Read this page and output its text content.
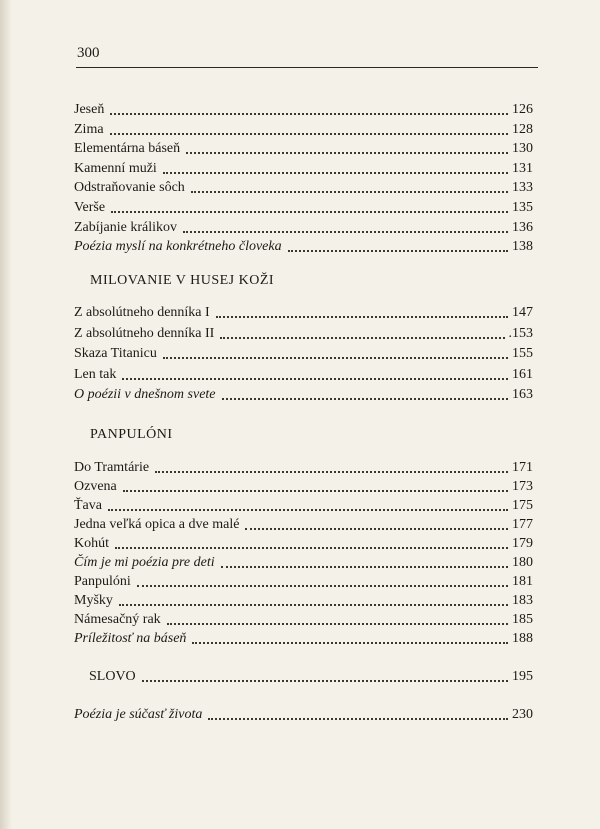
300
Jeseň	126
Zima	128
Elementárna báseň	130
Kamenní muži	131
Odstraňovanie sôch	133
Verše	135
Zabíjanie králikov	136
Poézia myslí na konkrétneho človeka	138
MILOVANIE V HUSEJ KOŽI
Z absolútneho denníka I	147
Z absolútneho denníka II	.153
Skaza Titanicu	155
Len tak	161
O poézii v dnešnom svete	163
PANPULÓNI
Do Tramtárie	171
Ozvena	173
Ťava	175
Jedna veľká opica a dve malé	177
Kohút	179
Čím je mi poézia pre deti	180
Panpulóni	181
Myšky	183
Námesačný rak	185
Príležitosť na báseň	188
SLOVO	195
Poézia je súčasť života	230
